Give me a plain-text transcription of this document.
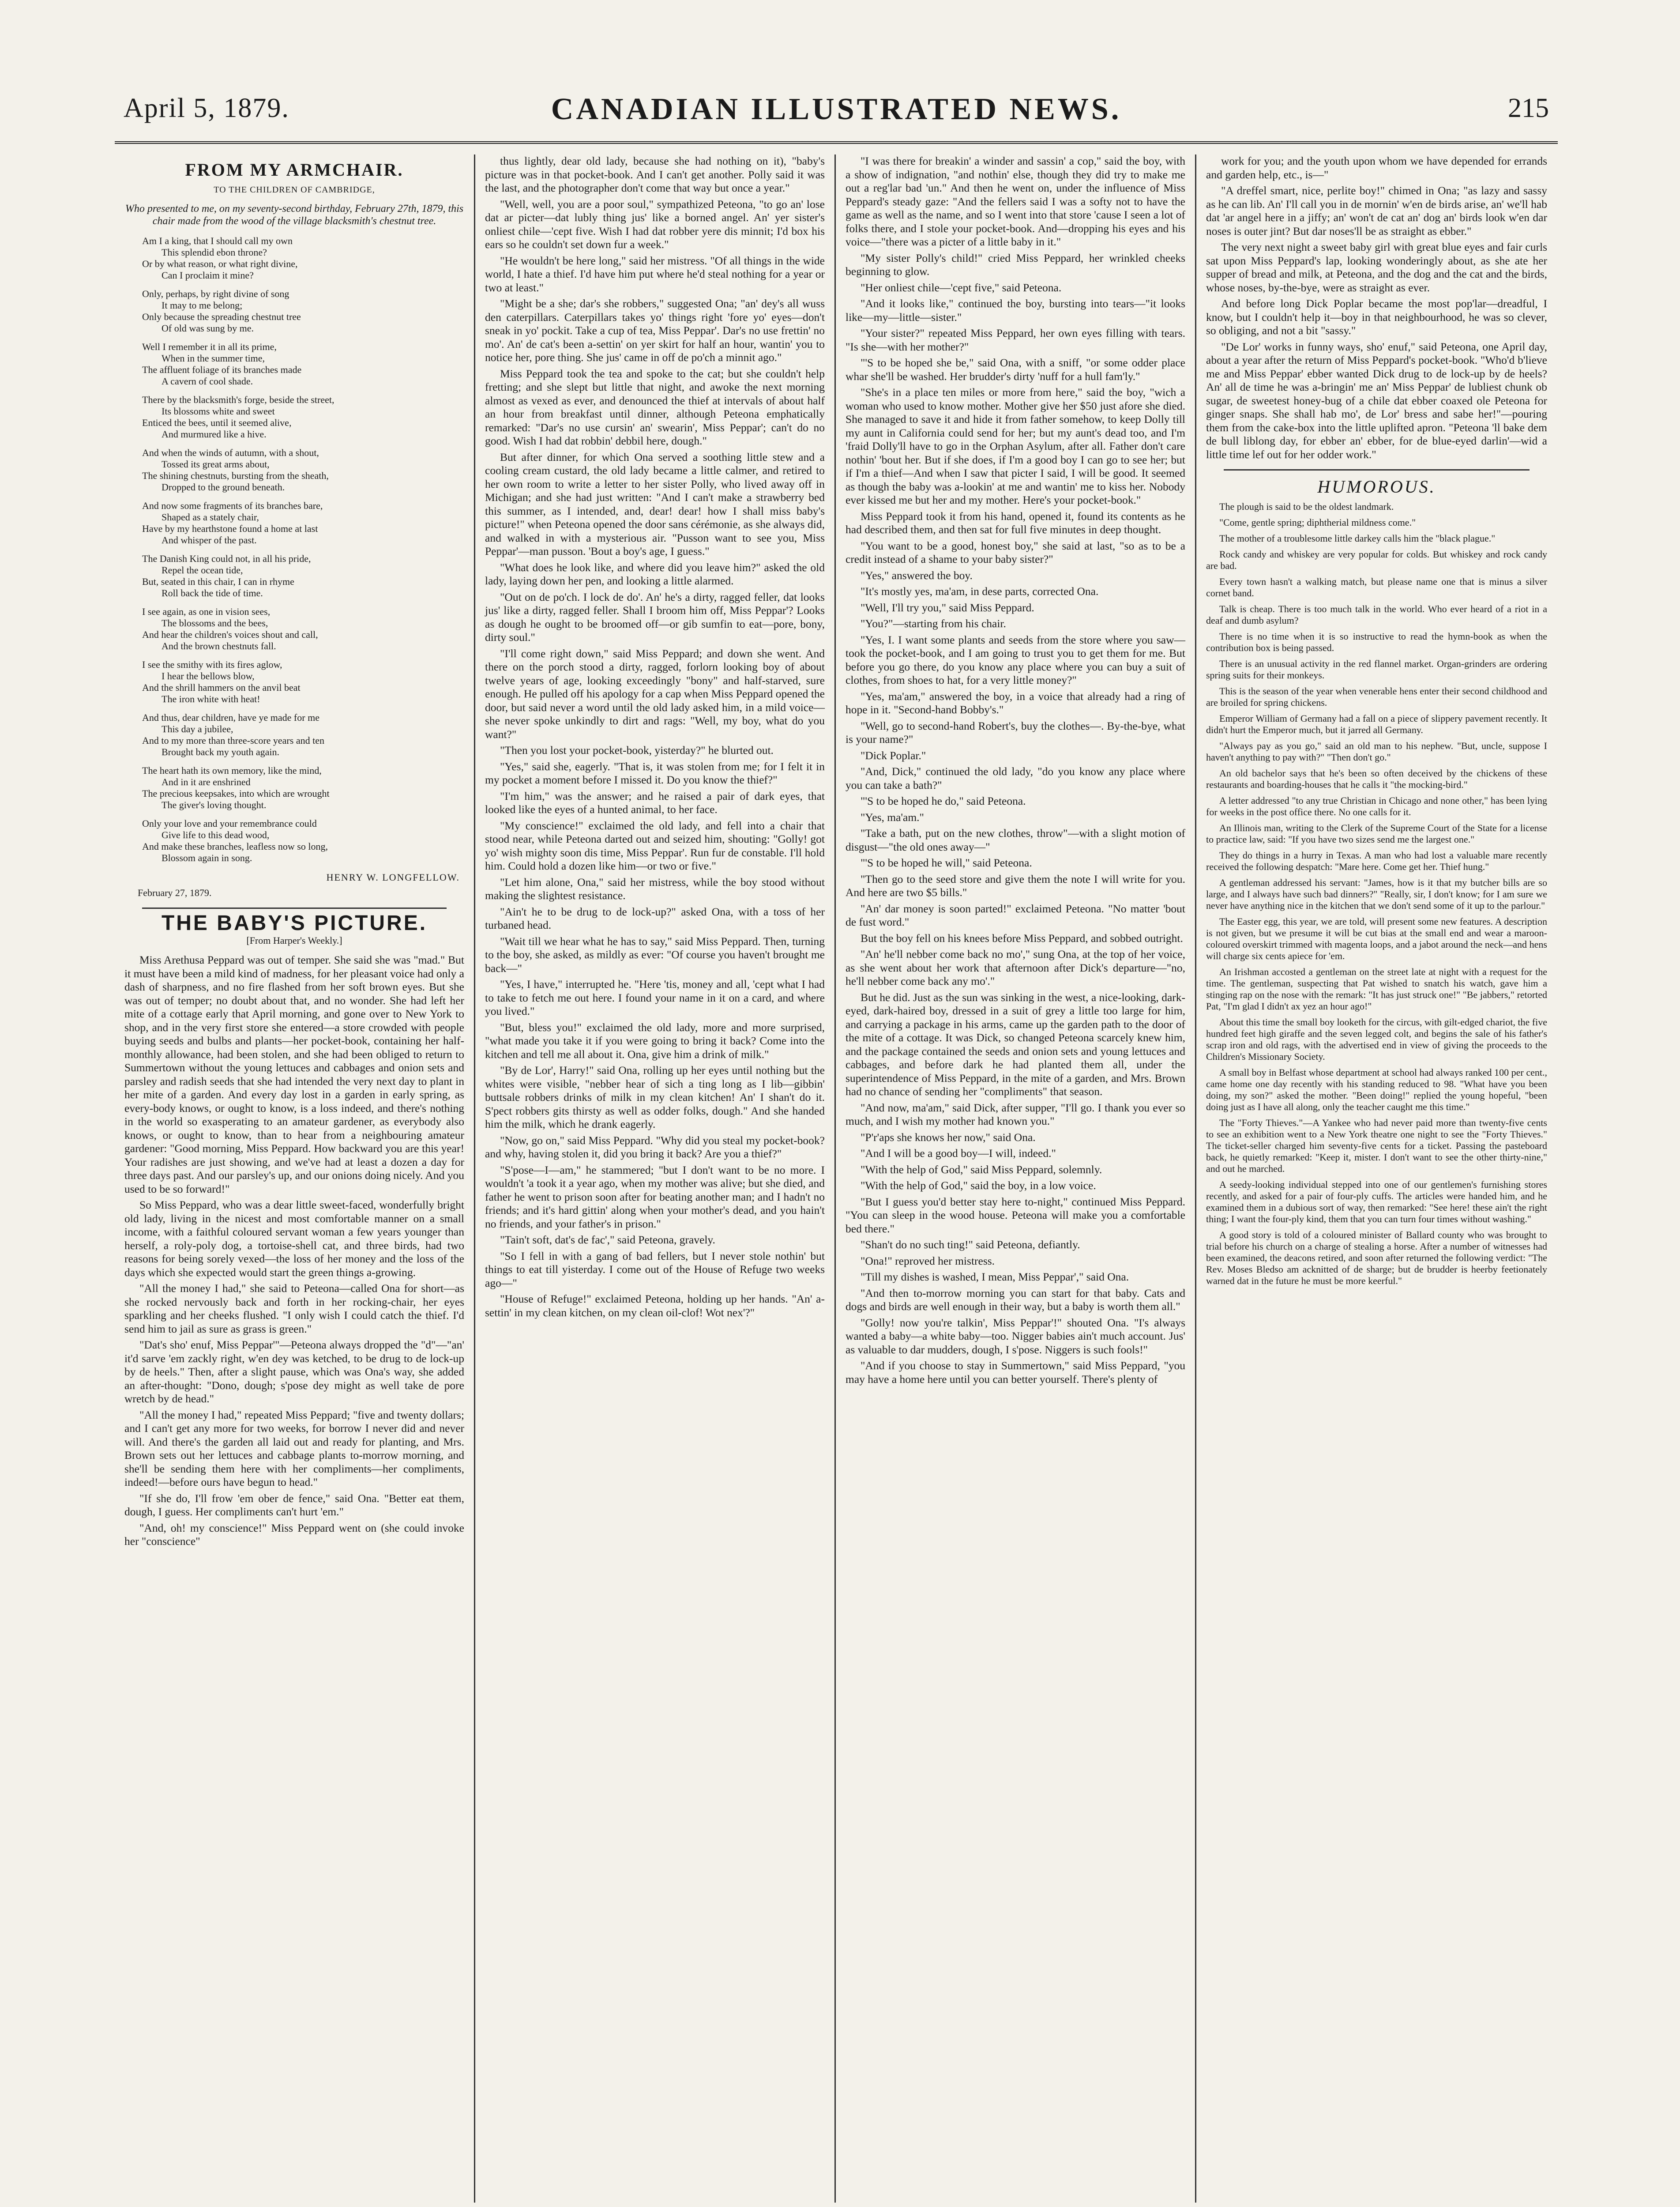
April 5, 1879.	CANADIAN ILLUSTRATED NEWS.	215
FROM MY ARMCHAIR.
TO THE CHILDREN OF CAMBRIDGE,
Who presented to me, on my seventy-second birthday, February 27th, 1879, this chair made from the wood of the village blacksmith's chestnut tree.
Am I a king, that I should call my own
This splendid ebon throne?
Or by what reason, or what right divine,
Can I proclaim it mine?
Only, perhaps, by right divine of song
It may to me belong;
Only because the spreading chestnut tree
Of old was sung by me.
Well I remember it in all its prime,
When in the summer time,
The affluent foliage of its branches made
A cavern of cool shade.
There by the blacksmith's forge, beside the street,
Its blossoms white and sweet
Enticed the bees, until it seemed alive,
And murmured like a hive.
And when the winds of autumn, with a shout,
Tossed its great arms about,
The shining chestnuts, bursting from the sheath,
Dropped to the ground beneath.
And now some fragments of its branches bare,
Shaped as a stately chair,
Have by my hearthstone found a home at last
And whisper of the past.
The Danish King could not, in all his pride,
Repel the ocean tide,
But, seated in this chair, I can in rhyme
Roll back the tide of time.
I see again, as one in vision sees,
The blossoms and the bees,
And hear the children's voices shout and call,
And the brown chestnuts fall.
I see the smithy with its fires aglow,
I hear the bellows blow,
And the shrill hammers on the anvil beat
The iron white with heat!
And thus, dear children, have ye made for me
This day a jubilee,
And to my more than three-score years and ten
Brought back my youth again.
The heart hath its own memory, like the mind,
And in it are enshrined
The precious keepsakes, into which are wrought
The giver's loving thought.
Only your love and your remembrance could
Give life to this dead wood,
And make these branches, leafless now so long,
Blossom again in song.
HENRY W. LONGFELLOW.
February 27, 1879.
THE BABY'S PICTURE.
[From Harper's Weekly.]

Miss Arethusa Peppard was out of temper. She said she was "mad." But it must have been a mild kind of madness, for her pleasant voice had only a dash of sharpness, and no fire flashed from her soft brown eyes. But she was out of temper; no doubt about that, and no wonder. She had left her mite of a cottage early that April morning, and gone over to New York to shop, and in the very first store she entered—a store crowded with people buying seeds and bulbs and plants—her pocket-book, containing her half-monthly allowance, had been stolen, and she had been obliged to return to Summertown without the young lettuces and cabbages and onion sets and parsley and radish seeds that she had intended the very next day to plant in her mite of a garden. And every day lost in a garden in early spring, as every-body knows, or ought to know, is a loss indeed, and there's nothing in the world so exasperating to an amateur gardener, as everybody also knows, or ought to know, than to hear from a neighbouring amateur gardener: "Good morning, Miss Peppard. How backward you are this year! Your radishes are just showing, and we've had at least a dozen a day for three days past. And our parsley's up, and our onions doing nicely. And you used to be so forward!"

So Miss Peppard, who was a dear little sweet-faced, wonderfully bright old lady, living in the nicest and most comfortable manner on a small income, with a faithful coloured servant woman a few years younger than herself, a roly-poly dog, a tortoise-shell cat, and three birds, had two reasons for being sorely vexed—the loss of her money and the loss of the days which she expected would start the green things a-growing.

"All the money I had," she said to Peteona—called Ona for short—as she rocked nervously back and forth in her rocking-chair, her eyes sparkling and her cheeks flushed. "I only wish I could catch the thief. I'd send him to jail as sure as grass is green."

"Dat's sho' enuf, Miss Peppar'"—Peteona always dropped the "d"—"an' it'd sarve 'em zackly right, w'en dey was ketched, to be drug to de lock-up by de heels." Then, after a slight pause, which was Ona's way, she added an after-thought: "Dono, dough; s'pose dey might as well take de pore wretch by de head."

"All the money I had," repeated Miss Peppard; "five and twenty dollars; and I can't get any more for two weeks, for borrow I never did and never will. And there's the garden all laid out and ready for planting, and Mrs. Brown sets out her lettuces and cabbage plants to-morrow morning, and she'll be sending them here with her compliments—her compliments, indeed!—before ours have begun to head."

"If she do, I'll frow 'em ober de fence," said Ona. "Better eat them, dough, I guess. Her compliments can't hurt 'em."

"And, oh! my conscience!" Miss Peppard went on (she could invoke her "conscience"

thus lightly, dear old lady, because she had nothing on it), "baby's picture was in that pocket-book. And I can't get another. Polly said it was the last, and the photographer don't come that way but once a year."

"Well, well, you are a poor soul," sympathized Peteona, "to go an' lose dat ar picter—dat lubly thing jus' like a borned angel. An' yer sister's onliest chile—'cept five. Wish I had dat robber yere dis minnit; I'd box his ears so he couldn't set down fur a week."

"He wouldn't be here long," said her mistress. "Of all things in the wide world, I hate a thief. I'd have him put where he'd steal nothing for a year or two at least."

"Might be a she; dar's she robbers," suggested Ona; "an' dey's all wuss den caterpillars. Caterpillars takes yo' things right 'fore yo' eyes—don't sneak in yo' pockit. Take a cup of tea, Miss Peppar'. Dar's no use frettin' no mo'. An' de cat's been a-settin' on yer skirt for half an hour, wantin' you to notice her, pore thing. She jus' came in off de po'ch a minnit ago."

Miss Peppard took the tea and spoke to the cat; but she couldn't help fretting; and she slept but little that night, and awoke the next morning almost as vexed as ever, and denounced the thief at intervals of about half an hour from breakfast until dinner, although Peteona emphatically remarked: "Dar's no use cursin' an' swearin', Miss Peppar'; can't do no good. Wish I had dat robbin' debbil here, dough."

But after dinner, for which Ona served a soothing little stew and a cooling cream custard, the old lady became a little calmer, and retired to her own room to write a letter to her sister Polly, who lived away off in Michigan; and she had just written: "And I can't make a strawberry bed this summer, as I intended, and, dear! dear! how I shall miss baby's picture!" when Peteona opened the door sans cérémonie, as she always did, and walked in with a mysterious air. "Pusson want to see you, Miss Peppar'—man pusson. 'Bout a boy's age, I guess."

"What does he look like, and where did you leave him?" asked the old lady, laying down her pen, and looking a little alarmed.

"Out on de po'ch. I lock de do'. An' he's a dirty, ragged feller, dat looks jus' like a dirty, ragged feller. Shall I broom him off, Miss Peppar'? Looks as dough he ought to be broomed off—or gib sumfin to eat—pore, bony, dirty soul."

"I'll come right down," said Miss Peppard; and down she went. And there on the porch stood a dirty, ragged, forlorn looking boy of about twelve years of age, looking exceedingly "bony" and half-starved, sure enough. He pulled off his apology for a cap when Miss Peppard opened the door, but said never a word until the old lady asked him, in a mild voice—she never spoke unkindly to dirt and rags: "Well, my boy, what do you want?"

"Then you lost your pocket-book, yisterday?" he blurted out.

"Yes," said she, eagerly. "That is, it was stolen from me; for I felt it in my pocket a moment before I missed it. Do you know the thief?"

"I'm him," was the answer; and he raised a pair of dark eyes, that looked like the eyes of a hunted animal, to her face.

"My conscience!" exclaimed the old lady, and fell into a chair that stood near, while Peteona darted out and seized him, shouting: "Golly! got yo' wish mighty soon dis time, Miss Peppar'. Run fur de constable. I'll hold him. Could hold a dozen like him—or two or five."

"Let him alone, Ona," said her mistress, while the boy stood without making the slightest resistance.

"Ain't he to be drug to de lock-up?" asked Ona, with a toss of her turbaned head.

"Wait till we hear what he has to say," said Miss Peppard. Then, turning to the boy, she asked, as mildly as ever: "Of course you haven't brought me back—"

"Yes, I have," interrupted he. "Here 'tis, money and all, 'cept what I had to take to fetch me out here. I found your name in it on a card, and where you lived."

"But, bless you!" exclaimed the old lady, more and more surprised, "what made you take it if you were going to bring it back? Come into the kitchen and tell me all about it. Ona, give him a drink of milk."

"By de Lor', Harry!" said Ona, rolling up her eyes until nothing but the whites were visible, "nebber hear of sich a ting long as I lib—gibbin' buttsale robbers drinks of milk in my clean kitchen! An' I shan't do it. S'pect robbers gits thirsty as well as odder folks, dough." And she handed him the milk, which he drank eagerly.

"Now, go on," said Miss Peppard. "Why did you steal my pocket-book? and why, having stolen it, did you bring it back? Are you a thief?"

"S'pose—I—am," he stammered; "but I don't want to be no more. I wouldn't 'a took it a year ago, when my mother was alive; but she died, and father he went to prison soon after for beating another man; and I hadn't no friends; and it's hard gittin' along when your mother's dead, and you hain't no friends, and your father's in prison."

"Tain't soft, dat's de fac'," said Peteona, gravely.

"So I fell in with a gang of bad fellers, but I never stole nothin' but things to eat till yisterday. I come out of the House of Refuge two weeks ago—"

"House of Refuge!" exclaimed Peteona, holding up her hands. "An' a-settin' in my clean kitchen, on my clean oil-clof! Wot nex'?"

"I was there for breakin' a winder and sassin' a cop," said the boy, with a show of indignation, "and nothin' else, though they did try to make me out a reg'lar bad 'un." And then he went on, under the influence of Miss Peppard's steady gaze: "And the fellers said I was a softy not to have the game as well as the name, and so I went into that store 'cause I seen a lot of folks there, and I stole your pocket-book. And—dropping his eyes and his voice—"there was a picter of a little baby in it."

"My sister Polly's child!" cried Miss Peppard, her wrinkled cheeks beginning to glow.

"Her onliest chile—'cept five," said Peteona.

"And it looks like," continued the boy, bursting into tears—"it looks like—my—little—sister."

"Your sister?" repeated Miss Peppard, her own eyes filling with tears. "Is she—with her mother?"

"'S to be hoped she be," said Ona, with a sniff, "or some odder place whar she'll be washed. Her brudder's dirty 'nuff for a hull fam'ly."

"She's in a place ten miles or more from here," said the boy, "wich a woman who used to know mother. Mother give her $50 just afore she died. She managed to save it and hide it from father somehow, to keep Dolly till my aunt in California could send for her; but my aunt's dead too, and I'm 'fraid Dolly'll have to go in the Orphan Asylum, after all. Father don't care nothin' 'bout her. But if she does, if I'm a good boy I can go to see her; but if I'm a thief—And when I saw that picter I said, I will be good. It seemed as though the baby was a-lookin' at me and wantin' me to kiss her. Nobody ever kissed me but her and my mother. Here's your pocket-book."

Miss Peppard took it from his hand, opened it, found its contents as he had described them, and then sat for full five minutes in deep thought.

"You want to be a good, honest boy," she said at last, "so as to be a credit instead of a shame to your baby sister?"

"Yes," answered the boy.

"It's mostly yes, ma'am, in dese parts, corrected Ona.

"Well, I'll try you," said Miss Peppard.

"You?"—starting from his chair.

"Yes, I. I want some plants and seeds from the store where you saw—took the pocket-book, and I am going to trust you to get them for me. But before you go there, do you know any place where you can buy a suit of clothes, from shoes to hat, for a very little money?"

"Yes, ma'am," answered the boy, in a voice that already had a ring of hope in it. "Second-hand Bobby's."

"Well, go to second-hand Robert's, buy the clothes—. By-the-bye, what is your name?"

"Dick Poplar."

"And, Dick," continued the old lady, "do you know any place where you can take a bath?"

"'S to be hoped he do," said Peteona.

"Yes, ma'am."

"Take a bath, put on the new clothes, throw"—with a slight motion of disgust—"the old ones away—"

"'S to be hoped he will," said Peteona.

"Then go to the seed store and give them the note I will write for you. And here are two $5 bills."

"An' dar money is soon parted!" exclaimed Peteona. "No matter 'bout de fust word."

But the boy fell on his knees before Miss Peppard, and sobbed outright.

"An' he'll nebber come back no mo'," sung Ona, at the top of her voice, as she went about her work that afternoon after Dick's departure—"no, he'll nebber come back any mo'."

But he did. Just as the sun was sinking in the west, a nice-looking, dark-eyed, dark-haired boy, dressed in a suit of grey a little too large for him, and carrying a package in his arms, came up the garden path to the door of the mite of a cottage. It was Dick, so changed Peteona scarcely knew him, and the package contained the seeds and onion sets and young lettuces and cabbages, and before dark he had planted them all, under the superintendence of Miss Peppard, in the mite of a garden, and Mrs. Brown had no chance of sending her "compliments" that season.

"And now, ma'am," said Dick, after supper, "I'll go. I thank you ever so much, and I wish my mother had known you."

"P'r'aps she knows her now," said Ona.

"And I will be a good boy—I will, indeed."

"With the help of God," said Miss Peppard, solemnly.

"With the help of God," said the boy, in a low voice.

"But I guess you'd better stay here to-night," continued Miss Peppard. "You can sleep in the wood house. Peteona will make you a comfortable bed there."

"Shan't do no such ting!" said Peteona, defiantly.

"Ona!" reproved her mistress.

"Till my dishes is washed, I mean, Miss Peppar'," said Ona.

"And then to-morrow morning you can start for that baby. Cats and dogs and birds are well enough in their way, but a baby is worth them all."

"Golly! now you're talkin', Miss Peppar'!" shouted Ona. "I's always wanted a baby—a white baby—too. Nigger babies ain't much account. Jus' as valuable to dar mudders, dough, I s'pose. Niggers is such fools!"

"And if you choose to stay in Summertown," said Miss Peppard, "you may have a home here until you can better yourself. There's plenty of

work for you; and the youth upon whom we have depended for errands and garden help, etc., is—"

"A dreffel smart, nice, perlite boy!" chimed in Ona; "as lazy and sassy as he can lib. An' I'll call you in de mornin' w'en de birds arise, an' we'll hab dat 'ar angel here in a jiffy; an' won't de cat an' dog an' birds look w'en dar noses is outer jint? But dar noses'll be as straight as ebber."

The very next night a sweet baby girl with great blue eyes and fair curls sat upon Miss Peppard's lap, looking wonderingly about, as she ate her supper of bread and milk, at Peteona, and the dog and the cat and the birds, whose noses, by-the-bye, were as straight as ever.

And before long Dick Poplar became the most pop'lar—dreadful, I know, but I couldn't help it—boy in that neighbourhood, he was so clever, so obliging, and not a bit "sassy."

"De Lor' works in funny ways, sho' enuf," said Peteona, one April day, about a year after the return of Miss Peppard's pocket-book. "Who'd b'lieve me and Miss Peppar' ebber wanted Dick drug to de lock-up by de heels? An' all de time he was a-bringin' me an' Miss Peppar' de lubliest chunk ob sugar, de sweetest honey-bug of a chile dat ebber coaxed ole Peteona for ginger snaps. She shall hab mo', de Lor' bress and sabe her!"—pouring them from the cake-box into the little uplifted apron. "Peteona 'll bake dem de bull liblong day, for ebber an' ebber, for de blue-eyed darlin'—wid a little time lef out for her odder work."

HUMOROUS.
The plough is said to be the oldest landmark.
"Come, gentle spring; diphtherial mildness come."
The mother of a troublesome little darkey calls him the "black plague."
Rock candy and whiskey are very popular for colds. But whiskey and rock candy are bad.
Every town hasn't a walking match, but please name one that is minus a silver cornet band.
Talk is cheap. There is too much talk in the world. Who ever heard of a riot in a deaf and dumb asylum?
There is no time when it is so instructive to read the hymn-book as when the contribution box is being passed.
There is an unusual activity in the red flannel market. Organ-grinders are ordering spring suits for their monkeys.
This is the season of the year when venerable hens enter their second childhood and are broiled for spring chickens.
Emperor William of Germany had a fall on a piece of slippery pavement recently. It didn't hurt the Emperor much, but it jarred all Germany.
"Always pay as you go," said an old man to his nephew. "But, uncle, suppose I haven't anything to pay with?" "Then don't go."
An old bachelor says that he's been so often deceived by the chickens of these restaurants and boarding-houses that he calls it "the mocking-bird."
A letter addressed "to any true Christian in Chicago and none other," has been lying for weeks in the post office there. No one calls for it.
An Illinois man, writing to the Clerk of the Supreme Court of the State for a license to practice law, said: "If you have two sizes send me the largest one."
They do things in a hurry in Texas. A man who had lost a valuable mare recently received the following despatch: "Mare here. Come get her. Thief hung."
A gentleman addressed his servant: "James, how is it that my butcher bills are so large, and I always have such bad dinners?" "Really, sir, I don't know; for I am sure we never have anything nice in the kitchen that we don't send some of it up to the parlour."
The Easter egg, this year, we are told, will present some new features. A description is not given, but we presume it will be cut bias at the small end and wear a maroon-coloured overskirt trimmed with magenta loops, and a jabot around the neck—and hens will charge six cents apiece for 'em.
An Irishman accosted a gentleman on the street late at night with a request for the time. The gentleman, suspecting that Pat wished to snatch his watch, gave him a stinging rap on the nose with the remark: "It has just struck one!" "Be jabbers," retorted Pat, "I'm glad I didn't ax yez an hour ago!"
About this time the small boy looketh for the circus, with gilt-edged chariot, the five hundred feet high giraffe and the seven legged colt, and begins the sale of his father's scrap iron and old rags, with the advertised end in view of giving the proceeds to the Children's Missionary Society.
A small boy in Belfast whose department at school had always ranked 100 per cent., came home one day recently with his standing reduced to 98. "What have you been doing, my son?" asked the mother. "Been doing!" replied the young hopeful, "been doing just as I have all along, only the teacher caught me this time."
The "Forty Thieves."—A Yankee who had never paid more than twenty-five cents to see an exhibition went to a New York theatre one night to see the "Forty Thieves." The ticket-seller charged him seventy-five cents for a ticket. Passing the pasteboard back, he quietly remarked: "Keep it, mister. I don't want to see the other thirty-nine," and out he marched.
A seedy-looking individual stepped into one of our gentlemen's furnishing stores recently, and asked for a pair of four-ply cuffs. The articles were handed him, and he examined them in a dubious sort of way, then remarked: "See here! these ain't the right thing; I want the four-ply kind, them that you can turn four times without washing."
A good story is told of a coloured minister of Ballard county who was brought to trial before his church on a charge of stealing a horse. After a number of witnesses had been examined, the deacons retired, and soon after returned the following verdict: "The Rev. Moses Bledso am acknitted of de sharge; but de brudder is heerby feetionately warned dat in the future he must be more keerful."
